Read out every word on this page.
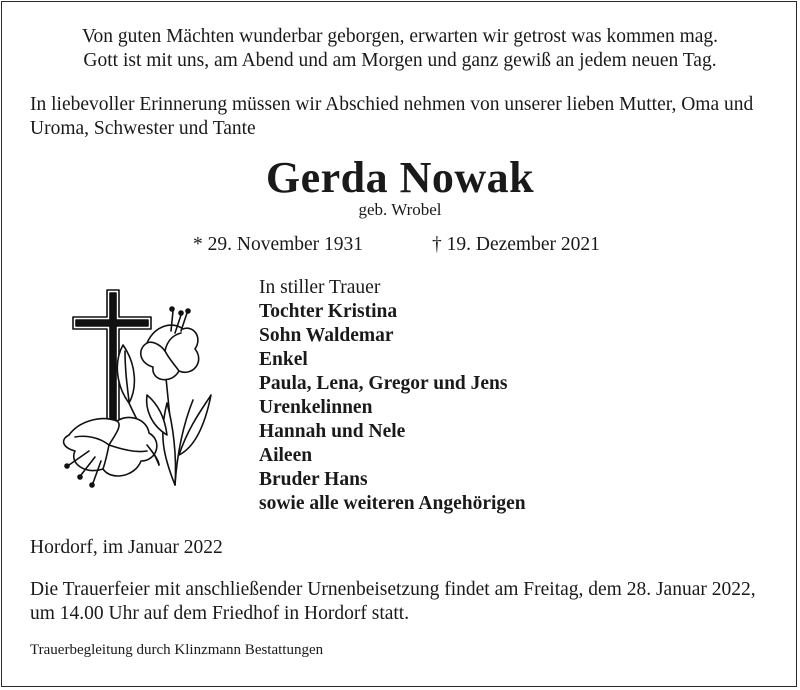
Von guten Mächten wunderbar geborgen, erwarten wir getrost was kommen mag.

Gott ist mit uns, am Abend und am Morgen und ganz gewiß an jedem neuen Tag.

In liebevoller Erinnerung müssen wir Abschied nehmen von unserer lieben Mutter, Oma und

Uroma, Schwester und Tante

Gerda Nowak

geb. Wrobel

* 29. November 1931	† 19. Dezember 2021

In stiller Trauer

Tochter Kristina

Sohn Waldemar

Enkel

Paula, Lena, Gregor und Jens

Urenkelinnen

Hannah und Nele

Aileen

Bruder Hans

sowie alle weiteren Angehörigen

Hordorf, im Januar 2022

Die Trauerfeier mit anschließender Urnenbeisetzung findet am Freitag, dem 28. Januar 2022,

um 14.00 Uhr auf dem Friedhof in Hordorf statt.

Trauerbegleitung durch Klinzmann Bestattungen
